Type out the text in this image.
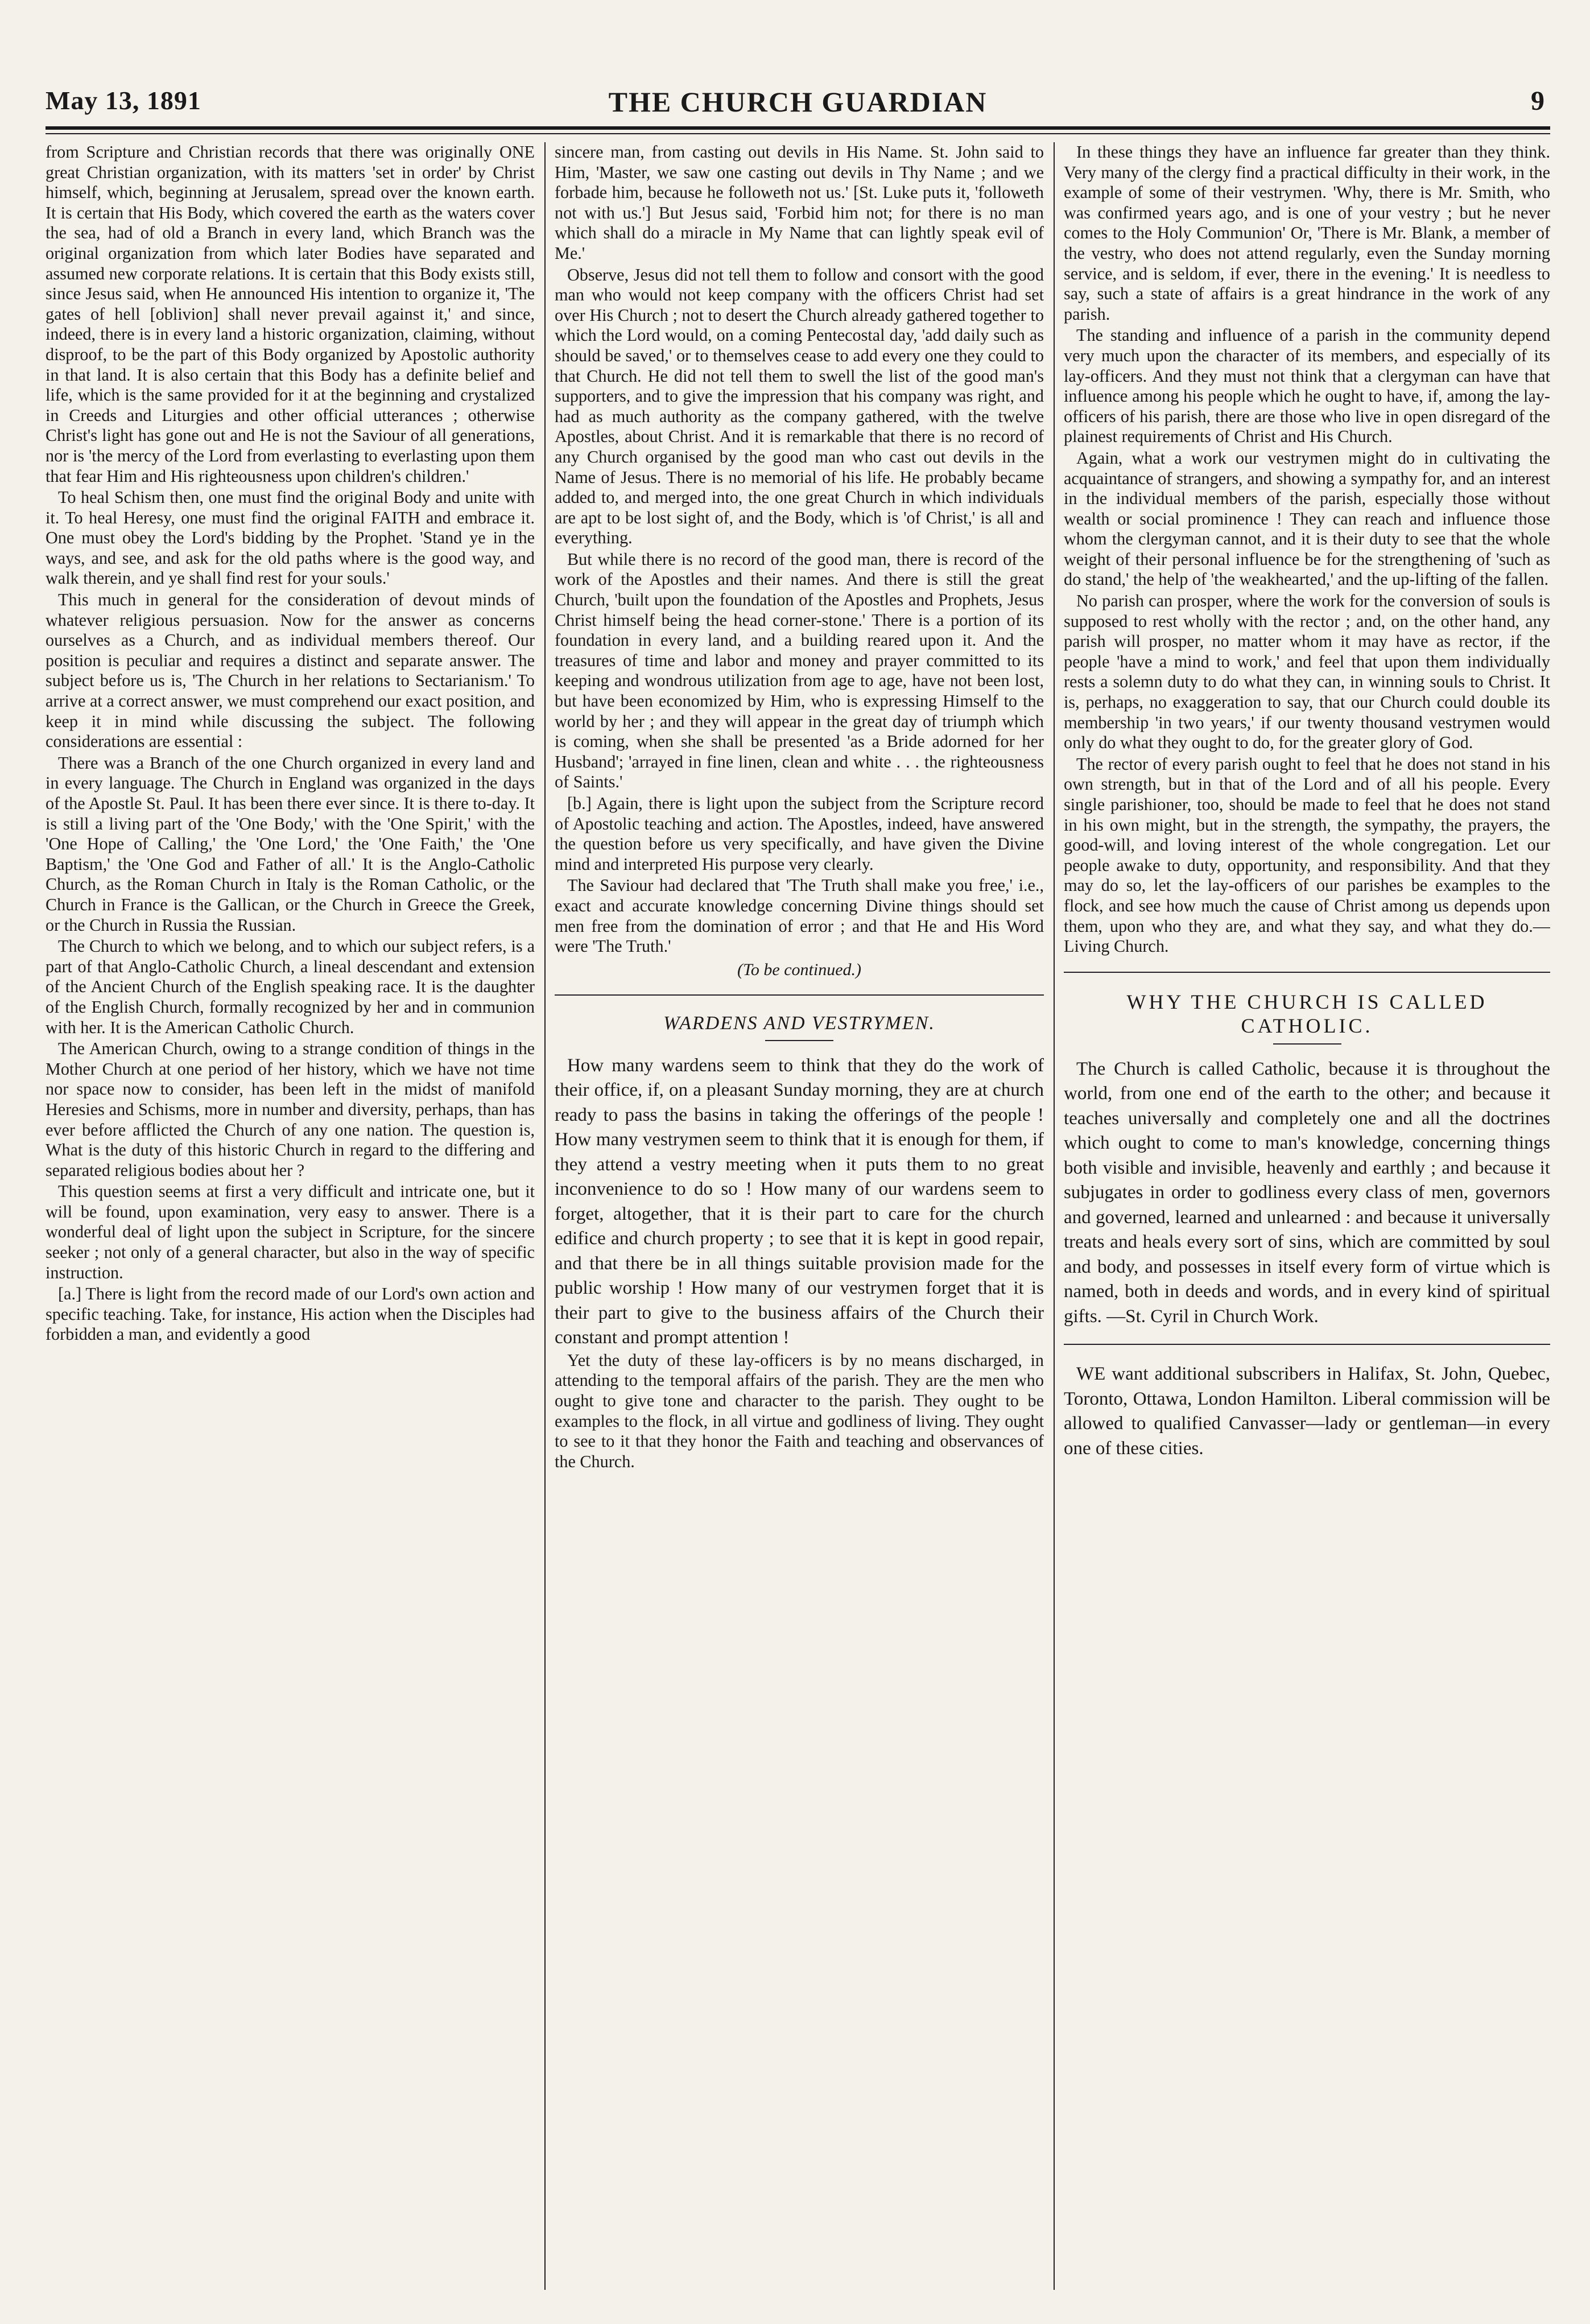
May 13, 1891	THE CHURCH GUARDIAN	9

from Scripture and Christian records that there was originally ONE great Christian organization, with its matters 'set in order' by Christ himself, which, beginning at Jerusalem, spread over the known earth. It is certain that His Body, which covered the earth as the waters cover the sea, had of old a Branch in every land, which Branch was the original organization from which later Bodies have separated and assumed new corporate relations. It is certain that this Body exists still, since Jesus said, when He announced His intention to organize it, 'The gates of hell [oblivion] shall never prevail against it,' and since, indeed, there is in every land a historic organization, claiming, without disproof, to be the part of this Body organized by Apostolic authority in that land. It is also certain that this Body has a definite belief and life, which is the same provided for it at the beginning and crystalized in Creeds and Liturgies and other official utterances ; otherwise Christ's light has gone out and He is not the Saviour of all generations, nor is 'the mercy of the Lord from everlasting to everlasting upon them that fear Him and His righteousness upon children's children.'

To heal Schism then, one must find the original Body and unite with it. To heal Heresy, one must find the original FAITH and embrace it. One must obey the Lord's bidding by the Prophet. 'Stand ye in the ways, and see, and ask for the old paths where is the good way, and walk therein, and ye shall find rest for your souls.'

This much in general for the consideration of devout minds of whatever religious persuasion. Now for the answer as concerns ourselves as a Church, and as individual members thereof. Our position is peculiar and requires a distinct and separate answer. The subject before us is, 'The Church in her relations to Sectarianism.' To arrive at a correct answer, we must comprehend our exact position, and keep it in mind while discussing the subject. The following considerations are essential :

There was a Branch of the one Church organized in every land and in every language. The Church in England was organized in the days of the Apostle St. Paul. It has been there ever since. It is there to-day. It is still a living part of the 'One Body,' with the 'One Spirit,' with the 'One Hope of Calling,' the 'One Lord,' the 'One Faith,' the 'One Baptism,' the 'One God and Father of all.' It is the Anglo-Catholic Church, as the Roman Church in Italy is the Roman Catholic, or the Church in France is the Gallican, or the Church in Greece the Greek, or the Church in Russia the Russian.

The Church to which we belong, and to which our subject refers, is a part of that Anglo-Catholic Church, a lineal descendant and extension of the Ancient Church of the English speaking race. It is the daughter of the English Church, formally recognized by her and in communion with her. It is the American Catholic Church.

The American Church, owing to a strange condition of things in the Mother Church at one period of her history, which we have not time nor space now to consider, has been left in the midst of manifold Heresies and Schisms, more in number and diversity, perhaps, than has ever before afflicted the Church of any one nation. The question is, What is the duty of this historic Church in regard to the differing and separated religious bodies about her ?

This question seems at first a very difficult and intricate one, but it will be found, upon examination, very easy to answer. There is a wonderful deal of light upon the subject in Scripture, for the sincere seeker ; not only of a general character, but also in the way of specific instruction.

[a.] There is light from the record made of our Lord's own action and specific teaching. Take, for instance, His action when the Disciples had forbidden a man, and evidently a good

sincere man, from casting out devils in His Name. St. John said to Him, 'Master, we saw one casting out devils in Thy Name ; and we forbade him, because he followeth not us.' [St. Luke puts it, 'followeth not with us.'] But Jesus said, 'Forbid him not; for there is no man which shall do a miracle in My Name that can lightly speak evil of Me.'

Observe, Jesus did not tell them to follow and consort with the good man who would not keep company with the officers Christ had set over His Church ; not to desert the Church already gathered together to which the Lord would, on a coming Pentecostal day, 'add daily such as should be saved,' or to themselves cease to add every one they could to that Church. He did not tell them to swell the list of the good man's supporters, and to give the impression that his company was right, and had as much authority as the company gathered, with the twelve Apostles, about Christ. And it is remarkable that there is no record of any Church organised by the good man who cast out devils in the Name of Jesus. There is no memorial of his life. He probably became added to, and merged into, the one great Church in which individuals are apt to be lost sight of, and the Body, which is 'of Christ,' is all and everything.

But while there is no record of the good man, there is record of the work of the Apostles and their names. And there is still the great Church, 'built upon the foundation of the Apostles and Prophets, Jesus Christ himself being the head corner-stone.' There is a portion of its foundation in every land, and a building reared upon it. And the treasures of time and labor and money and prayer committed to its keeping and wondrous utilization from age to age, have not been lost, but have been economized by Him, who is expressing Himself to the world by her ; and they will appear in the great day of triumph which is coming, when she shall be presented 'as a Bride adorned for her Husband'; 'arrayed in fine linen, clean and white . . . the righteousness of Saints.'

[b.] Again, there is light upon the subject from the Scripture record of Apostolic teaching and action. The Apostles, indeed, have answered the question before us very specifically, and have given the Divine mind and interpreted His purpose very clearly.

The Saviour had declared that 'The Truth shall make you free,' i.e., exact and accurate knowledge concerning Divine things should set men free from the domination of error ; and that He and His Word were 'The Truth.'

(To be continued.)
WARDENS AND VESTRYMEN.

How many wardens seem to think that they do the work of their office, if, on a pleasant Sunday morning, they are at church ready to pass the basins in taking the offerings of the people ! How many vestrymen seem to think that it is enough for them, if they attend a vestry meeting when it puts them to no great inconvenience to do so ! How many of our wardens seem to forget, altogether, that it is their part to care for the church edifice and church property ; to see that it is kept in good repair, and that there be in all things suitable provision made for the public worship ! How many of our vestrymen forget that it is their part to give to the business affairs of the Church their constant and prompt attention !

Yet the duty of these lay-officers is by no means discharged, in attending to the temporal affairs of the parish. They are the men who ought to give tone and character to the parish. They ought to be examples to the flock, in all virtue and godliness of living. They ought to see to it that they honor the Faith and teaching and observances of the Church.

In these things they have an influence far greater than they think. Very many of the clergy find a practical difficulty in their work, in the example of some of their vestrymen. 'Why, there is Mr. Smith, who was confirmed years ago, and is one of your vestry ; but he never comes to the Holy Communion' Or, 'There is Mr. Blank, a member of the vestry, who does not attend regularly, even the Sunday morning service, and is seldom, if ever, there in the evening.' It is needless to say, such a state of affairs is a great hindrance in the work of any parish.

The standing and influence of a parish in the community depend very much upon the character of its members, and especially of its lay-officers. And they must not think that a clergyman can have that influence among his people which he ought to have, if, among the lay-officers of his parish, there are those who live in open disregard of the plainest requirements of Christ and His Church.

Again, what a work our vestrymen might do in cultivating the acquaintance of strangers, and showing a sympathy for, and an interest in the individual members of the parish, especially those without wealth or social prominence ! They can reach and influence those whom the clergyman cannot, and it is their duty to see that the whole weight of their personal influence be for the strengthening of 'such as do stand,' the help of 'the weakhearted,' and the up-lifting of the fallen.

No parish can prosper, where the work for the conversion of souls is supposed to rest wholly with the rector ; and, on the other hand, any parish will prosper, no matter whom it may have as rector, if the people 'have a mind to work,' and feel that upon them individually rests a solemn duty to do what they can, in winning souls to Christ. It is, perhaps, no exaggeration to say, that our Church could double its membership 'in two years,' if our twenty thousand vestrymen would only do what they ought to do, for the greater glory of God.

The rector of every parish ought to feel that he does not stand in his own strength, but in that of the Lord and of all his people. Every single parishioner, too, should be made to feel that he does not stand in his own might, but in the strength, the sympathy, the prayers, the good-will, and loving interest of the whole congregation. Let our people awake to duty, opportunity, and responsibility. And that they may do so, let the lay-officers of our parishes be examples to the flock, and see how much the cause of Christ among us depends upon them, upon who they are, and what they say, and what they do.—Living Church.

WHY THE CHURCH IS CALLED CATHOLIC.

The Church is called Catholic, because it is throughout the world, from one end of the earth to the other; and because it teaches universally and completely one and all the doctrines which ought to come to man's knowledge, concerning things both visible and invisible, heavenly and earthly ; and because it subjugates in order to godliness every class of men, governors and governed, learned and unlearned : and because it universally treats and heals every sort of sins, which are committed by soul and body, and possesses in itself every form of virtue which is named, both in deeds and words, and in every kind of spiritual gifts. —St. Cyril in Church Work.

WE want additional subscribers in Halifax, St. John, Quebec, Toronto, Ottawa, London Hamilton. Liberal commission will be allowed to qualified Canvasser—lady or gentleman—in every one of these cities.
